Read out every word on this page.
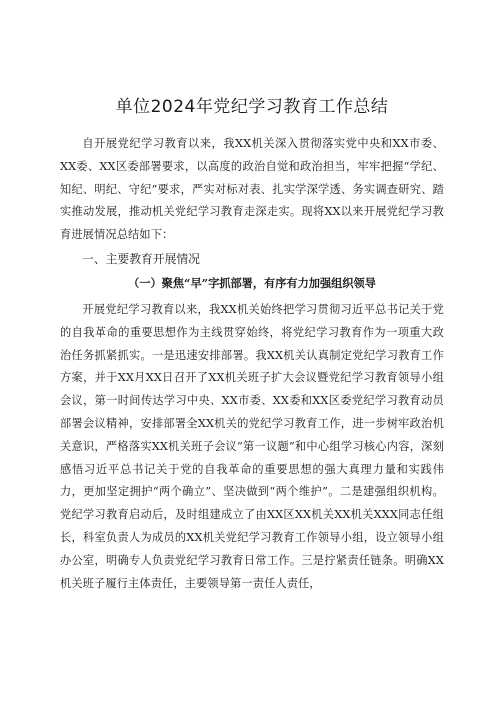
单位2024年党纪学习教育工作总结

自开展党纪学习教育以来，我XX机关深入贯彻落实党中央和XX市委、XX委、XX区委部署要求，以高度的政治自觉和政治担当，牢牢把握“学纪、知纪、明纪、守纪”要求，严实对标对表、扎实学深学透、务实调查研究、踏实推动发展，推动机关党纪学习教育走深走实。现将XX以来开展党纪学习教育进展情况总结如下：

一、主要教育开展情况

（一）聚焦“早”字抓部署，有序有力加强组织领导

开展党纪学习教育以来，我XX机关始终把学习贯彻习近平总书记关于党的自我革命的重要思想作为主线贯穿始终，将党纪学习教育作为一项重大政治任务抓紧抓实。一是迅速安排部署。我XX机关认真制定党纪学习教育工作方案，并于XX月XX日召开了XX机关班子扩大会议暨党纪学习教育领导小组会议，第一时间传达学习中央、XX市委、XX委和XX区委党纪学习教育动员部署会议精神，安排部署全XX机关的党纪学习教育工作，进一步树牢政治机关意识，严格落实XX机关班子会议“第一议题”和中心组学习核心内容，深刻感悟习近平总书记关于党的自我革命的重要思想的强大真理力量和实践伟力，更加坚定拥护“两个确立”、坚决做到“两个维护”。二是建强组织机构。党纪学习教育启动后，及时组建成立了由XX区XX机关XX机关XXX同志任组长，科室负责人为成员的XX机关党纪学习教育工作领导小组，设立领导小组办公室，明确专人负责党纪学习教育日常工作。三是拧紧责任链条。明确XX机关班子履行主体责任，主要领导第一责任人责任，
